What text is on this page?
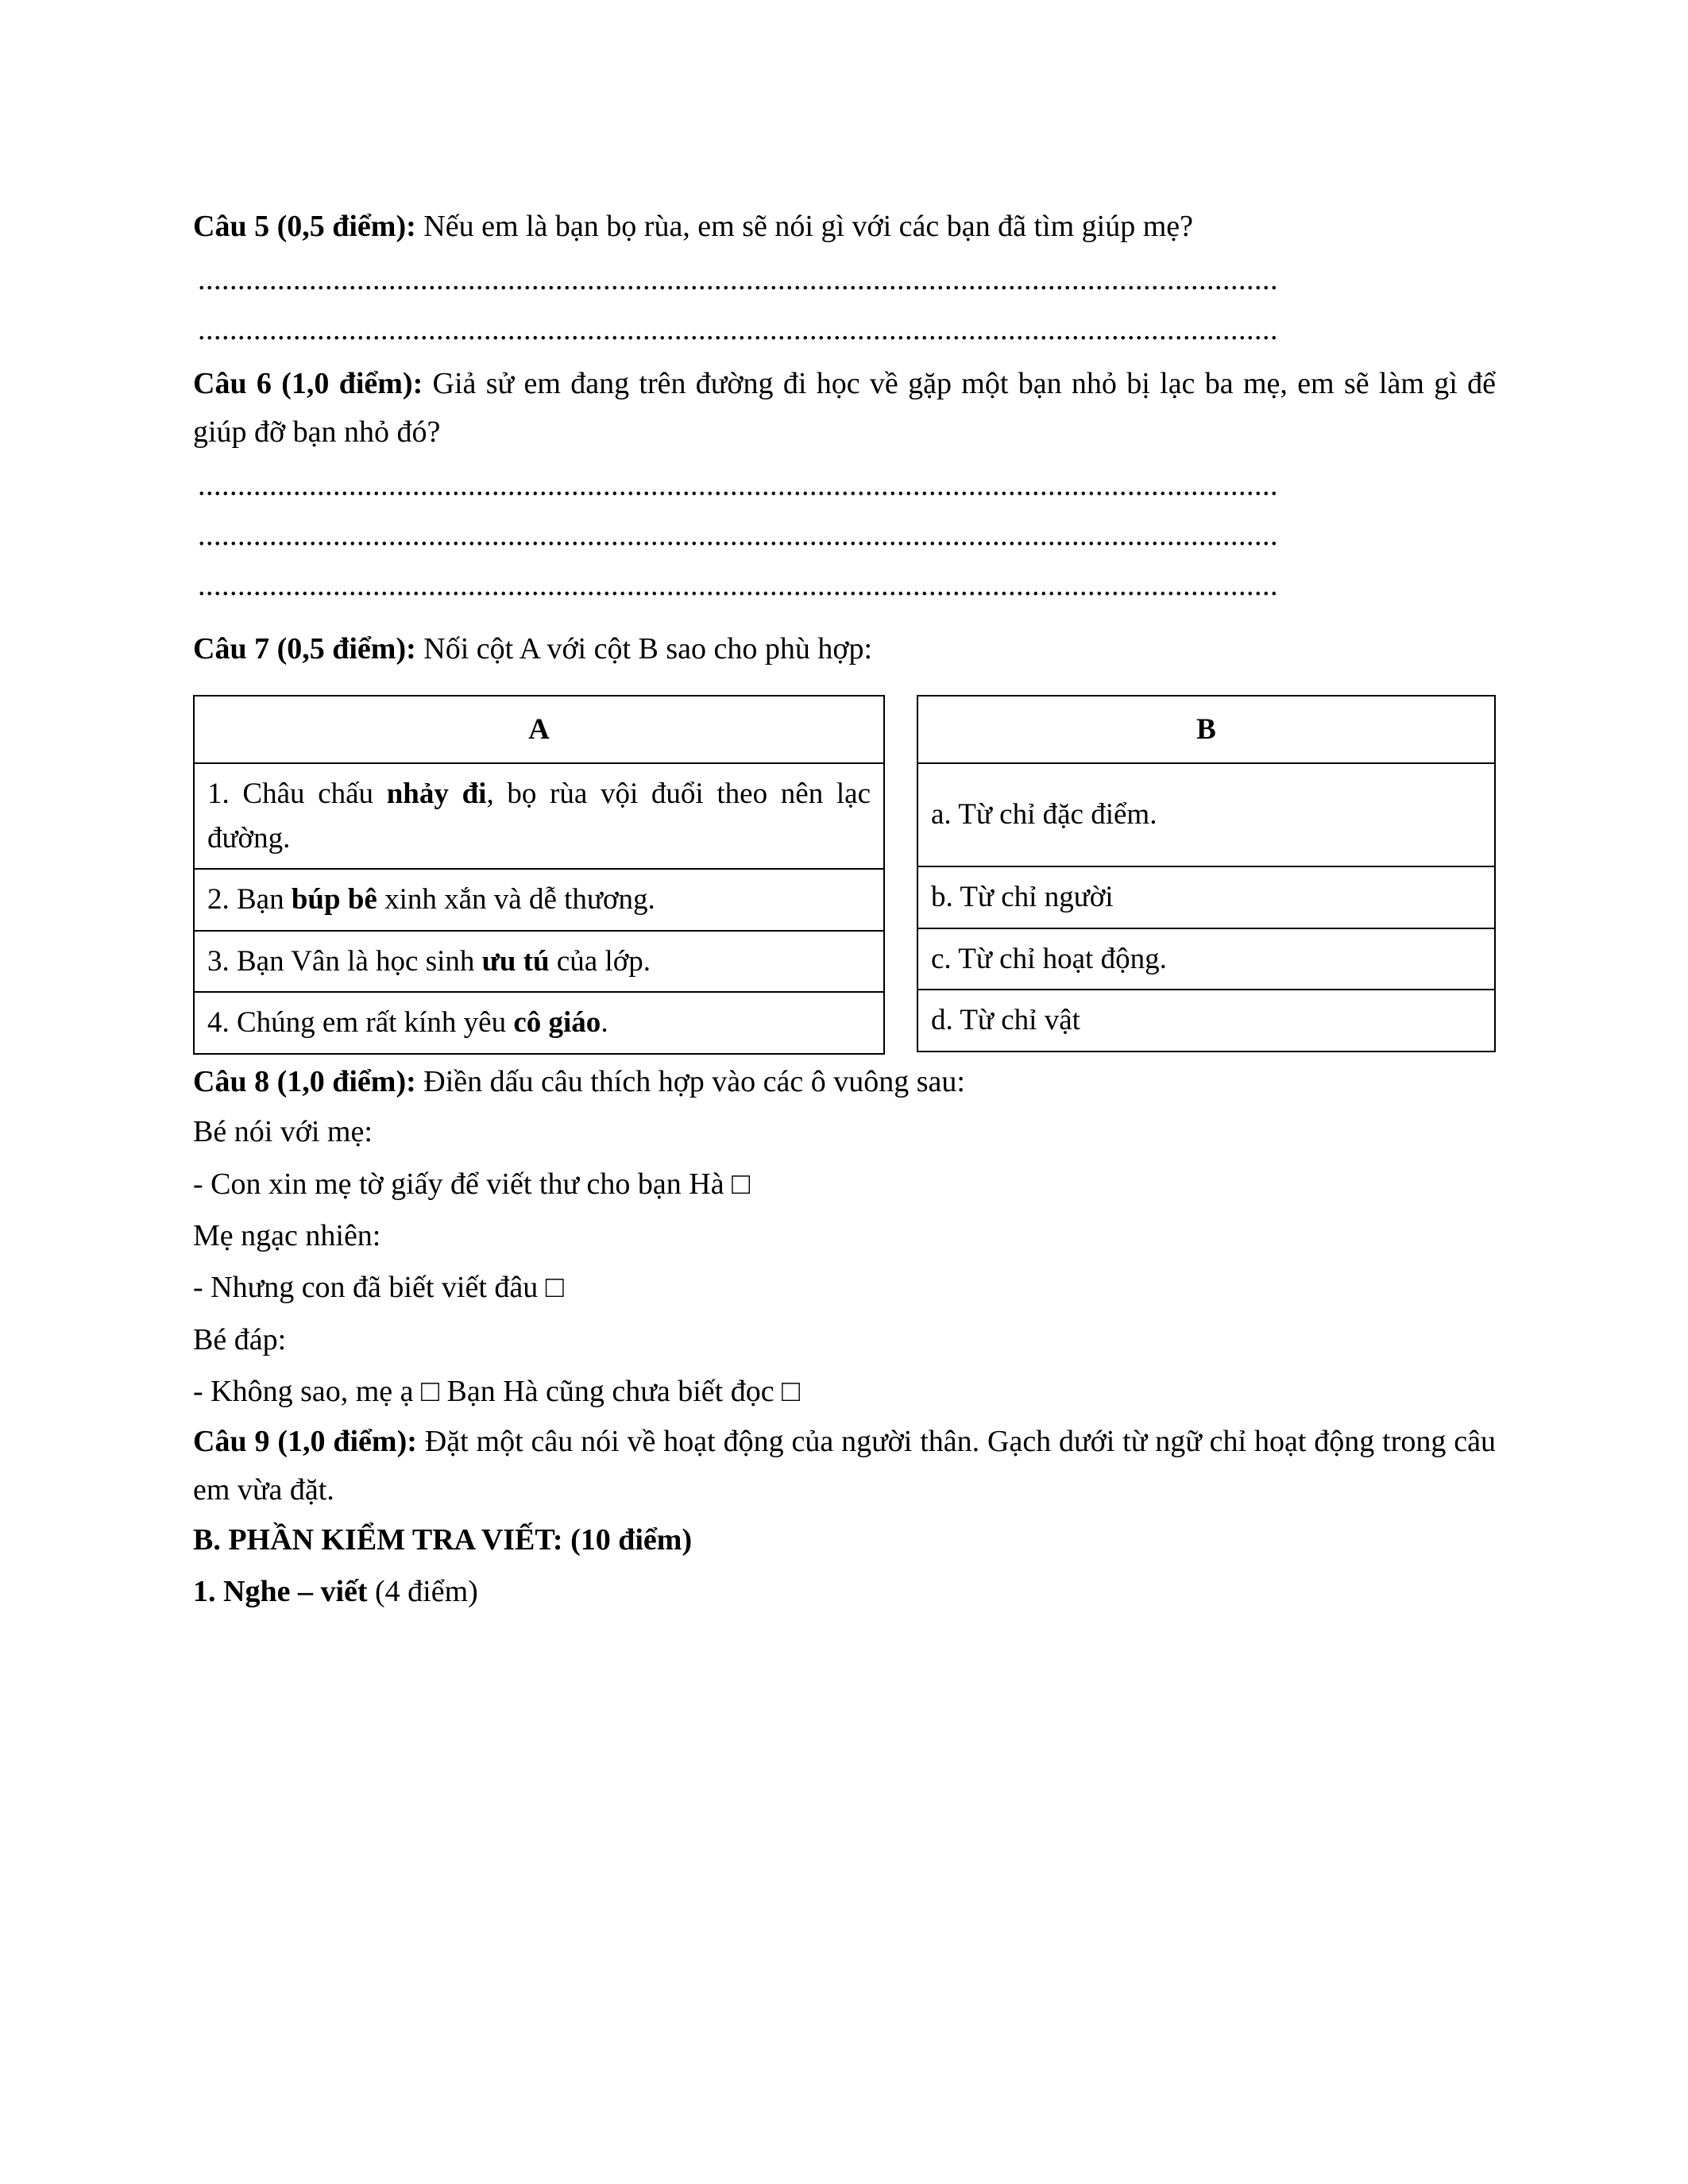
Câu 5 (0,5 điểm): Nếu em là bạn bọ rùa, em sẽ nói gì với các bạn đã tìm giúp mẹ?

........................................................................................................................................
........................................................................................................................................

Câu 6 (1,0 điểm): Giả sử em đang trên đường đi học về gặp một bạn nhỏ bị lạc ba mẹ, em sẽ làm gì để giúp đỡ bạn nhỏ đó?

........................................................................................................................................
........................................................................................................................................
........................................................................................................................................

Câu 7 (0,5 điểm): Nối cột A với cột B sao cho phù hợp:

A
1. Châu chấu nhảy đi, bọ rùa vội đuổi theo nên lạc đường.
2. Bạn búp bê xinh xắn và dễ thương.
3. Bạn Vân là học sinh ưu tú của lớp.
4. Chúng em rất kính yêu cô giáo.
B
a. Từ chỉ đặc điểm.
b. Từ chỉ người
c. Từ chỉ hoạt động.
d. Từ chỉ vật

Câu 8 (1,0 điểm): Điền dấu câu thích hợp vào các ô vuông sau:

Bé nói với mẹ:

- Con xin mẹ tờ giấy để viết thư cho bạn Hà □

Mẹ ngạc nhiên:

- Nhưng con đã biết viết đâu □

Bé đáp:

- Không sao, mẹ ạ □ Bạn Hà cũng chưa biết đọc □

Câu 9 (1,0 điểm): Đặt một câu nói về hoạt động của người thân. Gạch dưới từ ngữ chỉ hoạt động trong câu em vừa đặt.

B. PHẦN KIỂM TRA VIẾT: (10 điểm)

1. Nghe – viết (4 điểm)
